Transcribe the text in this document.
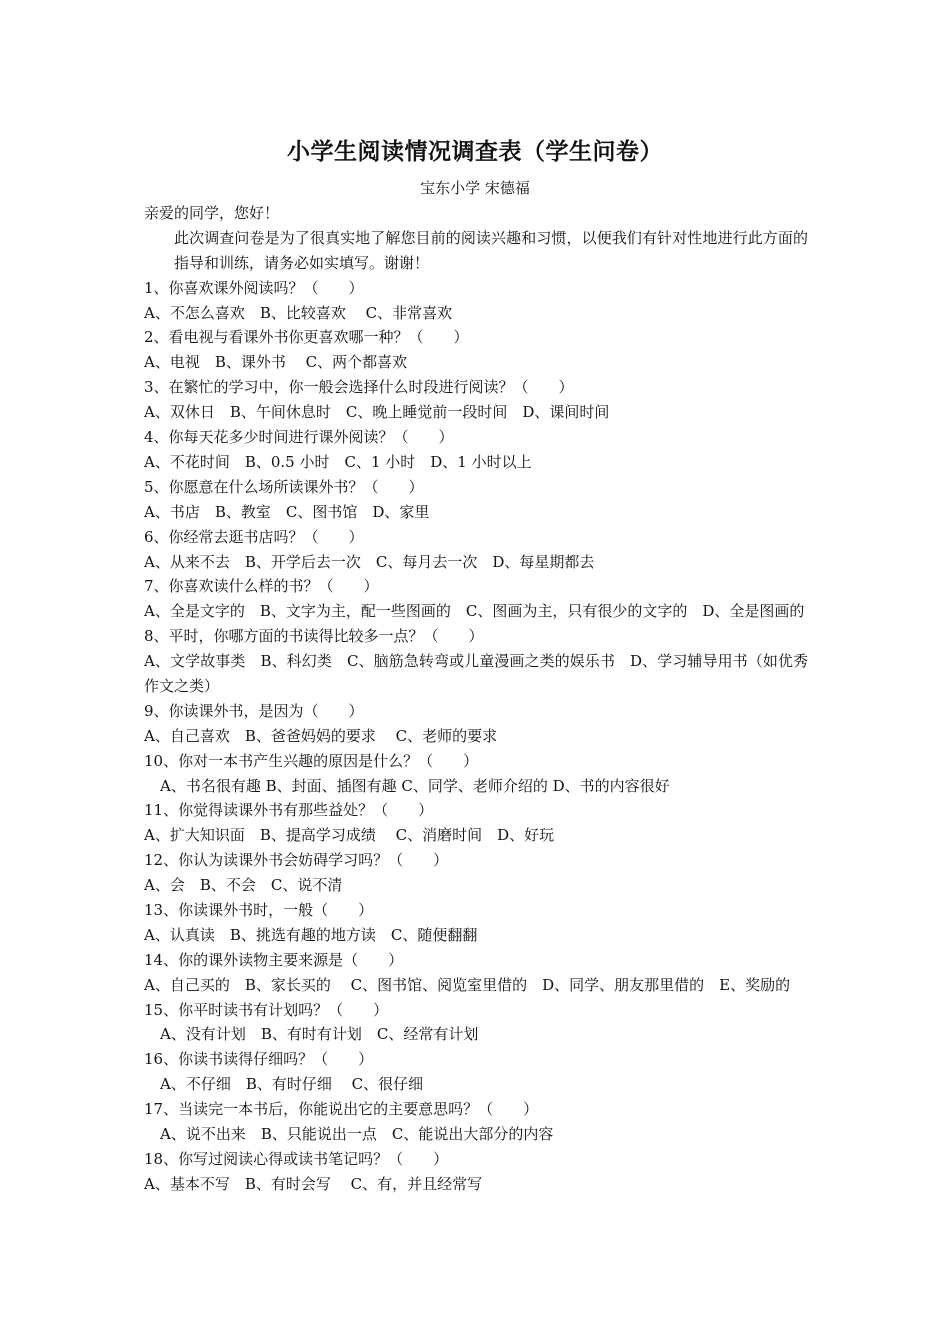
小学生阅读情况调查表（学生问卷）
宝东小学 宋德福
亲爱的同学，您好！
此次调查问卷是为了很真实地了解您目前的阅读兴趣和习惯，以便我们有针对性地进行此方面的指导和训练，请务必如实填写。谢谢！
1、你喜欢课外阅读吗？（　　）
A、不怎么喜欢　B、比较喜欢　 C、非常喜欢
2、看电视与看课外书你更喜欢哪一种？（　　）
A、电视　B、课外书　 C、两个都喜欢
3、在繁忙的学习中，你一般会选择什么时段进行阅读？（　　）
A、双休日　B、午间休息时　C、晚上睡觉前一段时间　D、课间时间
4、你每天花多少时间进行课外阅读？（　　）
A、不花时间　B、0.5 小时　C、1 小时　D、1 小时以上
5、你愿意在什么场所读课外书？（　　）
A、书店　B、教室　C、图书馆　D、家里
6、你经常去逛书店吗？（　　）
A、从来不去　B、开学后去一次　C、每月去一次　D、每星期都去
7、你喜欢读什么样的书？（　　）
A、全是文字的　B、文字为主，配一些图画的　C、图画为主，只有很少的文字的　D、全是图画的
8、平时，你哪方面的书读得比较多一点？（　　）
A、文学故事类　B、科幻类　C、脑筋急转弯或儿童漫画之类的娱乐书　D、学习辅导用书（如优秀作文之类）
9、你读课外书，是因为（　　）
A、自己喜欢　B、爸爸妈妈的要求　 C、老师的要求
10、你对一本书产生兴趣的原因是什么？（　　）
A、书名很有趣 B、封面、插图有趣 C、同学、老师介绍的 D、书的内容很好
11、你觉得读课外书有那些益处？（　　）
A、扩大知识面　B、提高学习成绩　 C、消磨时间　D、好玩
12、你认为读课外书会妨碍学习吗？（　　）
A、会　B、不会　C、说不清
13、你读课外书时，一般（　　）
A、认真读　B、挑选有趣的地方读　C、随便翻翻
14、你的课外读物主要来源是（　　）
A、自己买的　B、家长买的　 C、图书馆、阅览室里借的　D、同学、朋友那里借的　E、奖励的
15、你平时读书有计划吗？（　　）
A、没有计划　B、有时有计划　C、经常有计划
16、你读书读得仔细吗？（　　）
A、不仔细　B、有时仔细　 C、很仔细
17、当读完一本书后，你能说出它的主要意思吗？（　　）
A、说不出来　B、只能说出一点　C、能说出大部分的内容
18、你写过阅读心得或读书笔记吗？（　　）
A、基本不写　B、有时会写　 C、有，并且经常写
